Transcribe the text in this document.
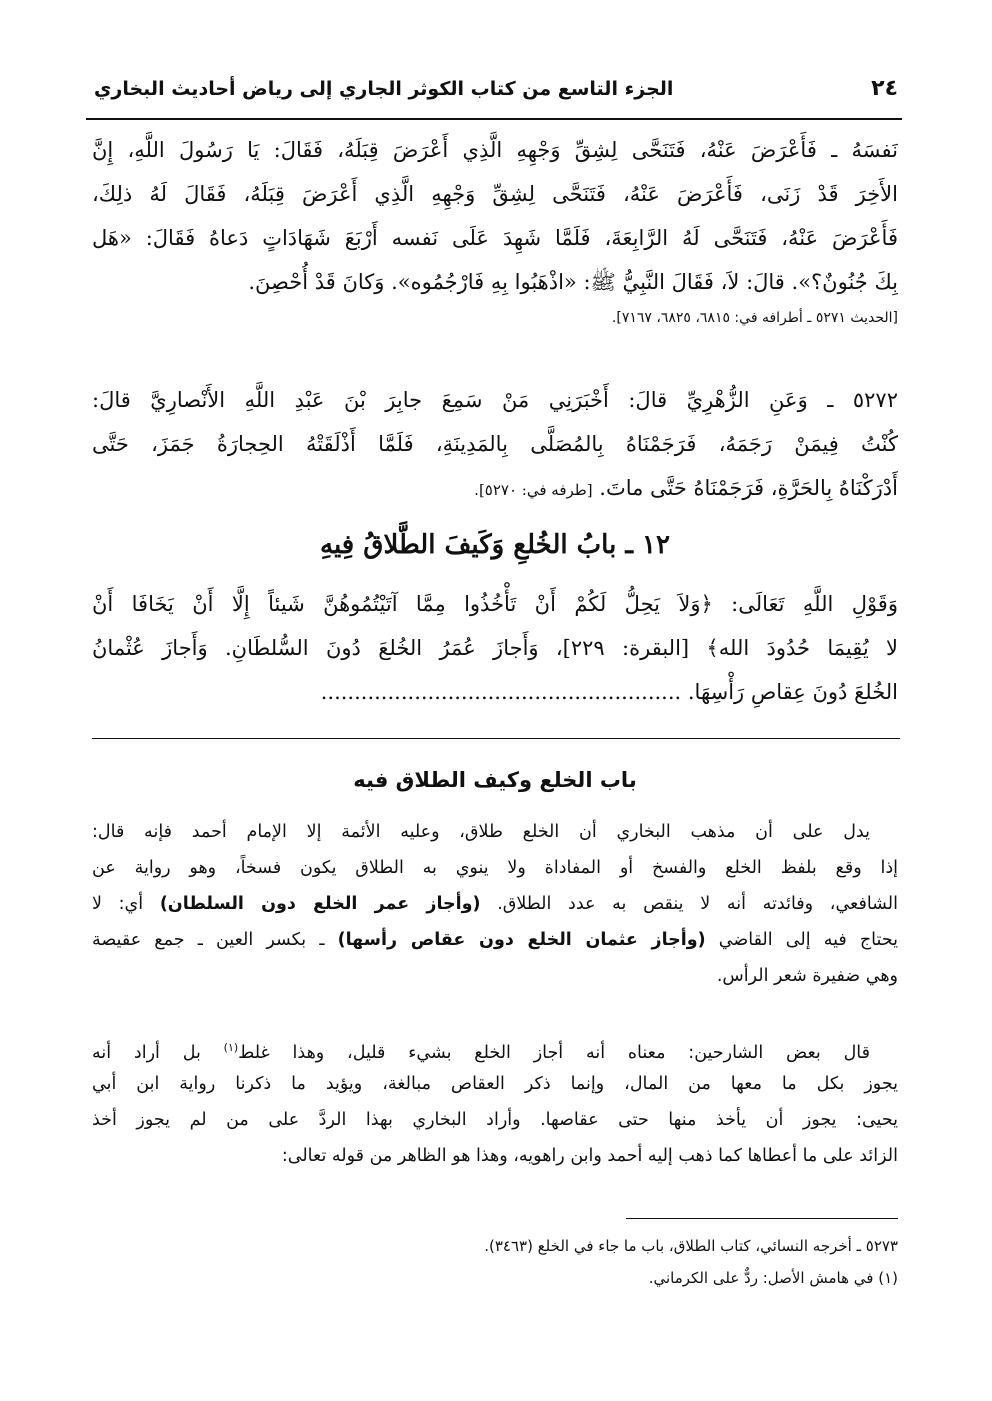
٢٤
الجزء التاسع من كتاب الكوثر الجاري إلى رياض أحاديث البخاري
نَفسَهُ ـ فَأَعْرَضَ عَنْهُ، فَتَنَحَّى لِشِقِّ وَجْهِهِ الَّذِي أَعْرَضَ قِبَلَهُ، فَقَالَ: يَا رَسُولَ اللَّهِ، إِنَّ
الأَخِرَ قَدْ زَنَى، فَأَعْرَضَ عَنْهُ، فَتَنَحَّى لِشِقِّ وَجْهِهِ الَّذِي أَعْرَضَ قِبَلَهُ، فَقَالَ لَهُ ذلِكَ،
فَأَعْرَضَ عَنْهُ، فَتَنَحَّى لَهُ الرَّابِعَةَ، فَلَمَّا شَهِدَ عَلَى نَفسه أَرْبَعَ شَهَادَاتٍ دَعاهُ فَقَالَ: «هَل
بِكَ جُنُونٌ؟». قالَ: لاَ، فَقَالَ النَّبِيُّ ﷺ: «اذْهَبُوا بِهِ فَارْجُمُوه». وَكانَ قَدْ أُحْصِنَ.
[الحديث ٥٢٧١ ـ أطرافه في: ٦٨١٥، ٦٨٢٥، ٧١٦٧].
٥٢٧٢ ـ وَعَنِ الزُّهْرِيِّ قالَ: أَخْبَرَنِي مَنْ سَمِعَ جابِرَ بْنَ عَبْدِ اللَّهِ الأَنْصارِيَّ قالَ:
كُنْتُ فِيمَنْ رَجَمَهُ، فَرَجَمْنَاهُ بِالمُصَلَّى بِالمَدِينَةِ، فَلَمَّا أَذْلَقَتْهُ الحِجارَةُ جَمَزَ، حَتَّى
أَدْرَكْنَاهُ بِالحَرَّةِ، فَرَجَمْنَاهُ حَتَّى ماتَ. [طرفه في: ٥٢٧٠].
١٢ ـ بابُ الخُلعِ وَكَيفَ الطَّلاقُ فِيهِ
وَقَوْلِ اللَّهِ تَعَالَى: ﴿وَلاَ يَحِلُّ لَكُمْ أَنْ تَأْخُذُوا مِمَّا آتَيْتُمُوهُنَّ شَيئاً إِلَّا أَنْ يَخَافَا أَنْ
لا يُقِيمَا حُدُودَ الله﴾ [البقرة: ٢٢٩]، وَأَجازَ عُمَرُ الخُلعَ دُونَ السُّلطَانِ. وَأَجازَ عُثْمانُ
الخُلعَ دُونَ عِقاصِ رَأْسِهَا. ......................................................
باب الخلع وكيف الطلاق فيه
يدل على أن مذهب البخاري أن الخلع طلاق، وعليه الأئمة إلا الإمام أحمد فإنه قال:
إذا وقع بلفظ الخلع والفسخ أو المفاداة ولا ينوي به الطلاق يكون فسخاً، وهو رواية عن
الشافعي، وفائدته أنه لا ينقص به عدد الطلاق. (وأجاز عمر الخلع دون السلطان) أي: لا
يحتاج فيه إلى القاضي (وأجاز عثمان الخلع دون عقاص رأسها) ـ بكسر العين ـ جمع عقيصة
وهي ضفيرة شعر الرأس.
قال بعض الشارحين: معناه أنه أجاز الخلع بشيء قليل، وهذا غلط$^{(١)}$ بل أراد أنه
يجوز بكل ما معها من المال، وإنما ذكر العقاص مبالغة، ويؤيد ما ذكرنا رواية ابن أبي
يحيى: يجوز أن يأخذ منها حتى عقاصها. وأراد البخاري بهذا الردَّ على من لم يجوز أخذ
الزائد على ما أعطاها كما ذهب إليه أحمد وابن راهويه، وهذا هو الظاهر من قوله تعالى:
٥٢٧٣ ـ أخرجه النسائي، كتاب الطلاق، باب ما جاء في الخلع (٣٤٦٣).
(١) في هامش الأصل: ردٌّ على الكرماني.
